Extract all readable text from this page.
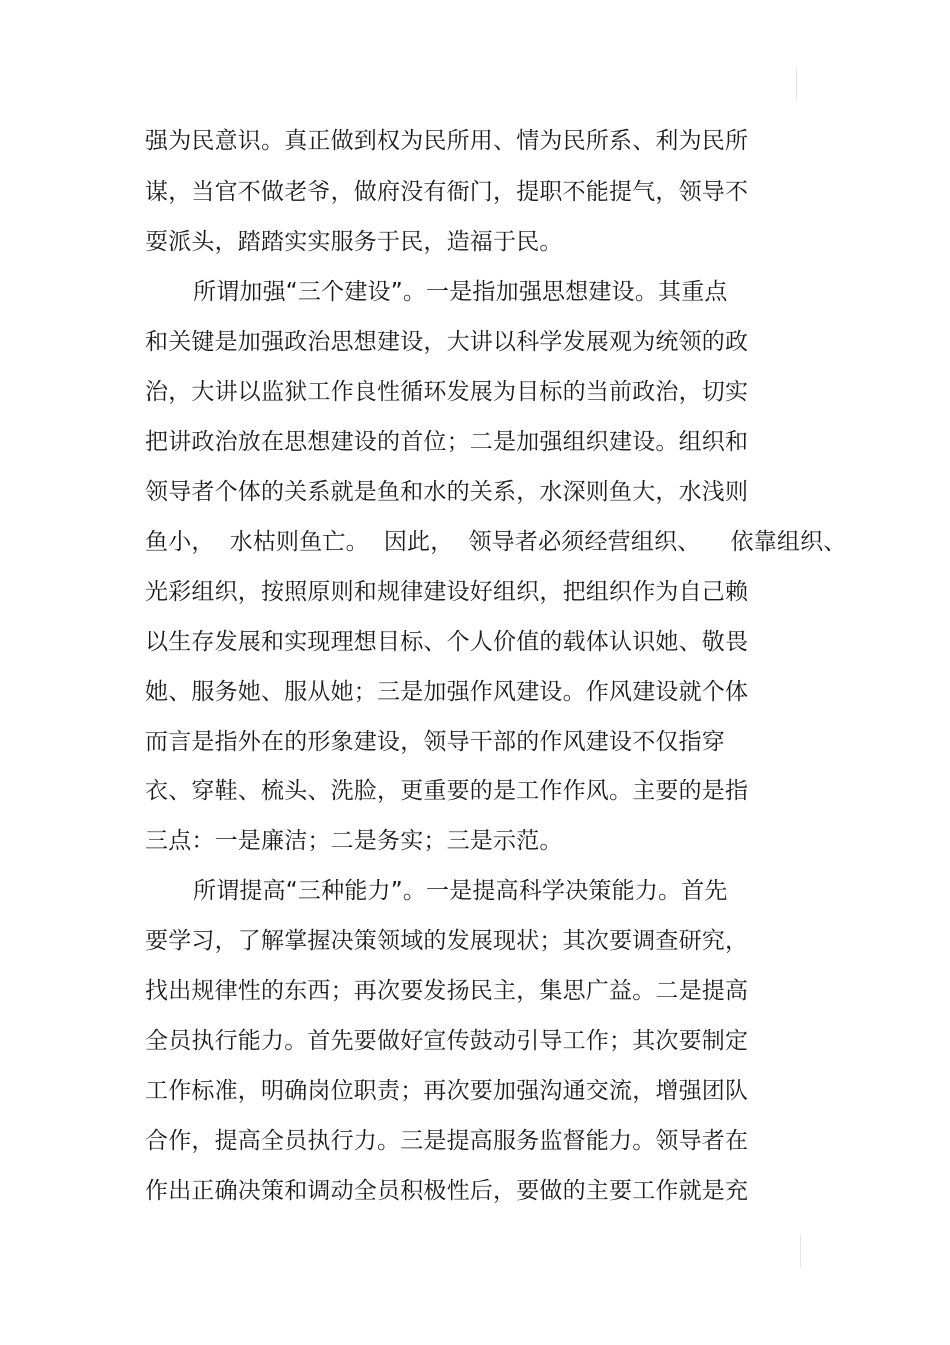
强为民意识。真正做到权为民所用、情为民所系、利为民所
谋，当官不做老爷，做府没有衙门，提职不能提气，领导不
耍派头，踏踏实实服务于民，造福于民。
所谓加强“三个建设”。一是指加强思想建设。其重点
和关键是加强政治思想建设，大讲以科学发展观为统领的政
治，大讲以监狱工作良性循环发展为目标的当前政治，切实
把讲政治放在思想建设的首位；二是加强组织建设。组织和
领导者个体的关系就是鱼和水的关系，水深则鱼大，水浅则
鱼小，  水枯则鱼亡。  因此，  领导者必须经营组织、    依靠组织、
光彩组织，按照原则和规律建设好组织，把组织作为自己赖
以生存发展和实现理想目标、个人价值的载体认识她、敬畏
她、服务她、服从她；三是加强作风建设。作风建设就个体
而言是指外在的形象建设，领导干部的作风建设不仅指穿
衣、穿鞋、梳头、洗脸，更重要的是工作作风。主要的是指
三点：一是廉洁；二是务实；三是示范。
所谓提高“三种能力”。一是提高科学决策能力。首先
要学习，了解掌握决策领域的发展现状；其次要调查研究，
找出规律性的东西；再次要发扬民主，集思广益。二是提高
全员执行能力。首先要做好宣传鼓动引导工作；其次要制定
工作标准，明确岗位职责；再次要加强沟通交流，增强团队
合作，提高全员执行力。三是提高服务监督能力。领导者在
作出正确决策和调动全员积极性后，要做的主要工作就是充
